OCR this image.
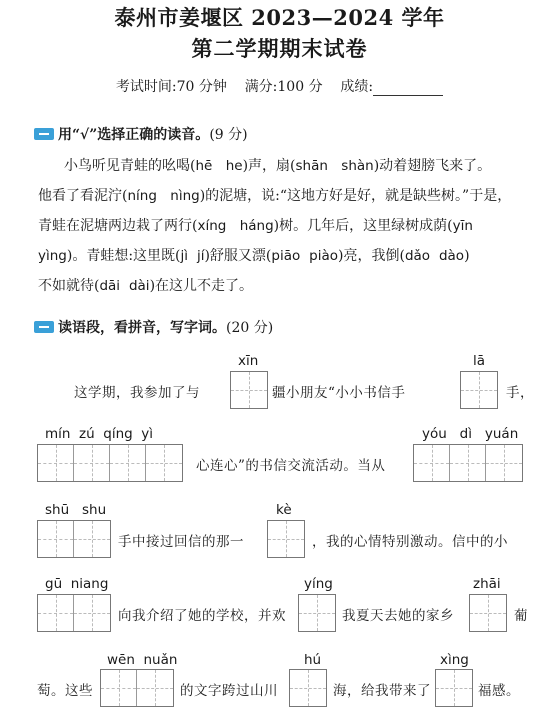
泰州市姜堰区 2023—2024 学年
第二学期期末试卷
考试时间:70 分钟 满分:100 分 成绩:
用“√”选择正确的读音。 (9 分)

小鸟听见青蛙的吆喝(hē he)声，扇(shān shàn)动着翅膀飞来了。

他看了看泥泞(níng nìng)的泥塘，说:“这地方好是好，就是缺些树。”于是，

青蛙在泥塘两边栽了两行(xíng háng)树。几年后，这里绿树成荫(yīn

yìng)。青蛙想:这里既(jì jí)舒服又漂(piāo piào)亮，我倒(dǎo dào)

不如就待(dāi dài)在这儿不走了。

读语段，看拼音，写字词。 (20 分)
xīn	lā
这学期，我参加了与	疆小朋友“小小书信手	手，
mín  zú  qíng  yì	yóu   dì   yuán
心连心”的书信交流活动。当从
shū   shu	kè
手中接过回信的那一	，我的心情特别激动。信中的小
gū  niang	yíng	zhāi
向我介绍了她的学校，并欢	我夏天去她的家乡	葡
wēn  nuǎn	hú	xìng
萄。这些	的文字跨过山川	海，给我带来了	福感。
